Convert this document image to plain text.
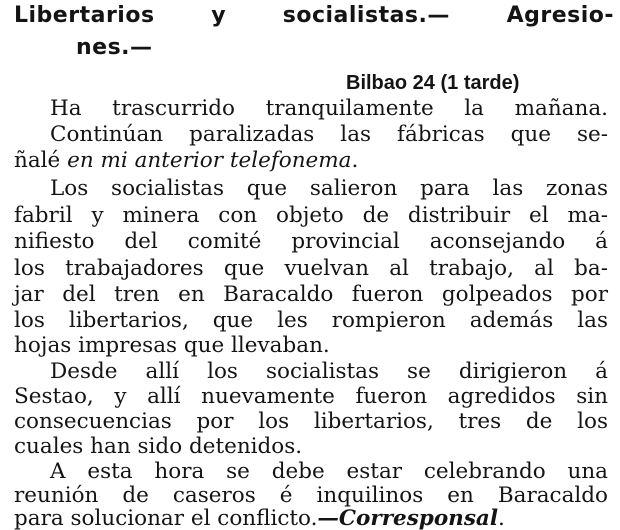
Libertarios y socialistas.— Agresio-
nes.—
Bilbao 24 (1 tarde)
Ha trascurrido tranquilamente la mañana.
Continúan paralizadas las fábricas que se-
ñalé en mi anterior telefonema.
Los socialistas que salieron para las zonas
fabril y minera con objeto de distribuir el ma-
nifiesto del comité provincial aconsejando á
los trabajadores que vuelvan al trabajo, al ba-
jar del tren en Baracaldo fueron golpeados por
los libertarios, que les rompieron además las
hojas impresas que llevaban.
Desde allí los socialistas se dirigieron á
Sestao, y allí nuevamente fueron agredidos sin
consecuencias por los libertarios, tres de los
cuales han sido detenidos.
A esta hora se debe estar celebrando una
reunión de caseros é inquilinos en Baracaldo
para solucionar el conflicto.—Corresponsal.
